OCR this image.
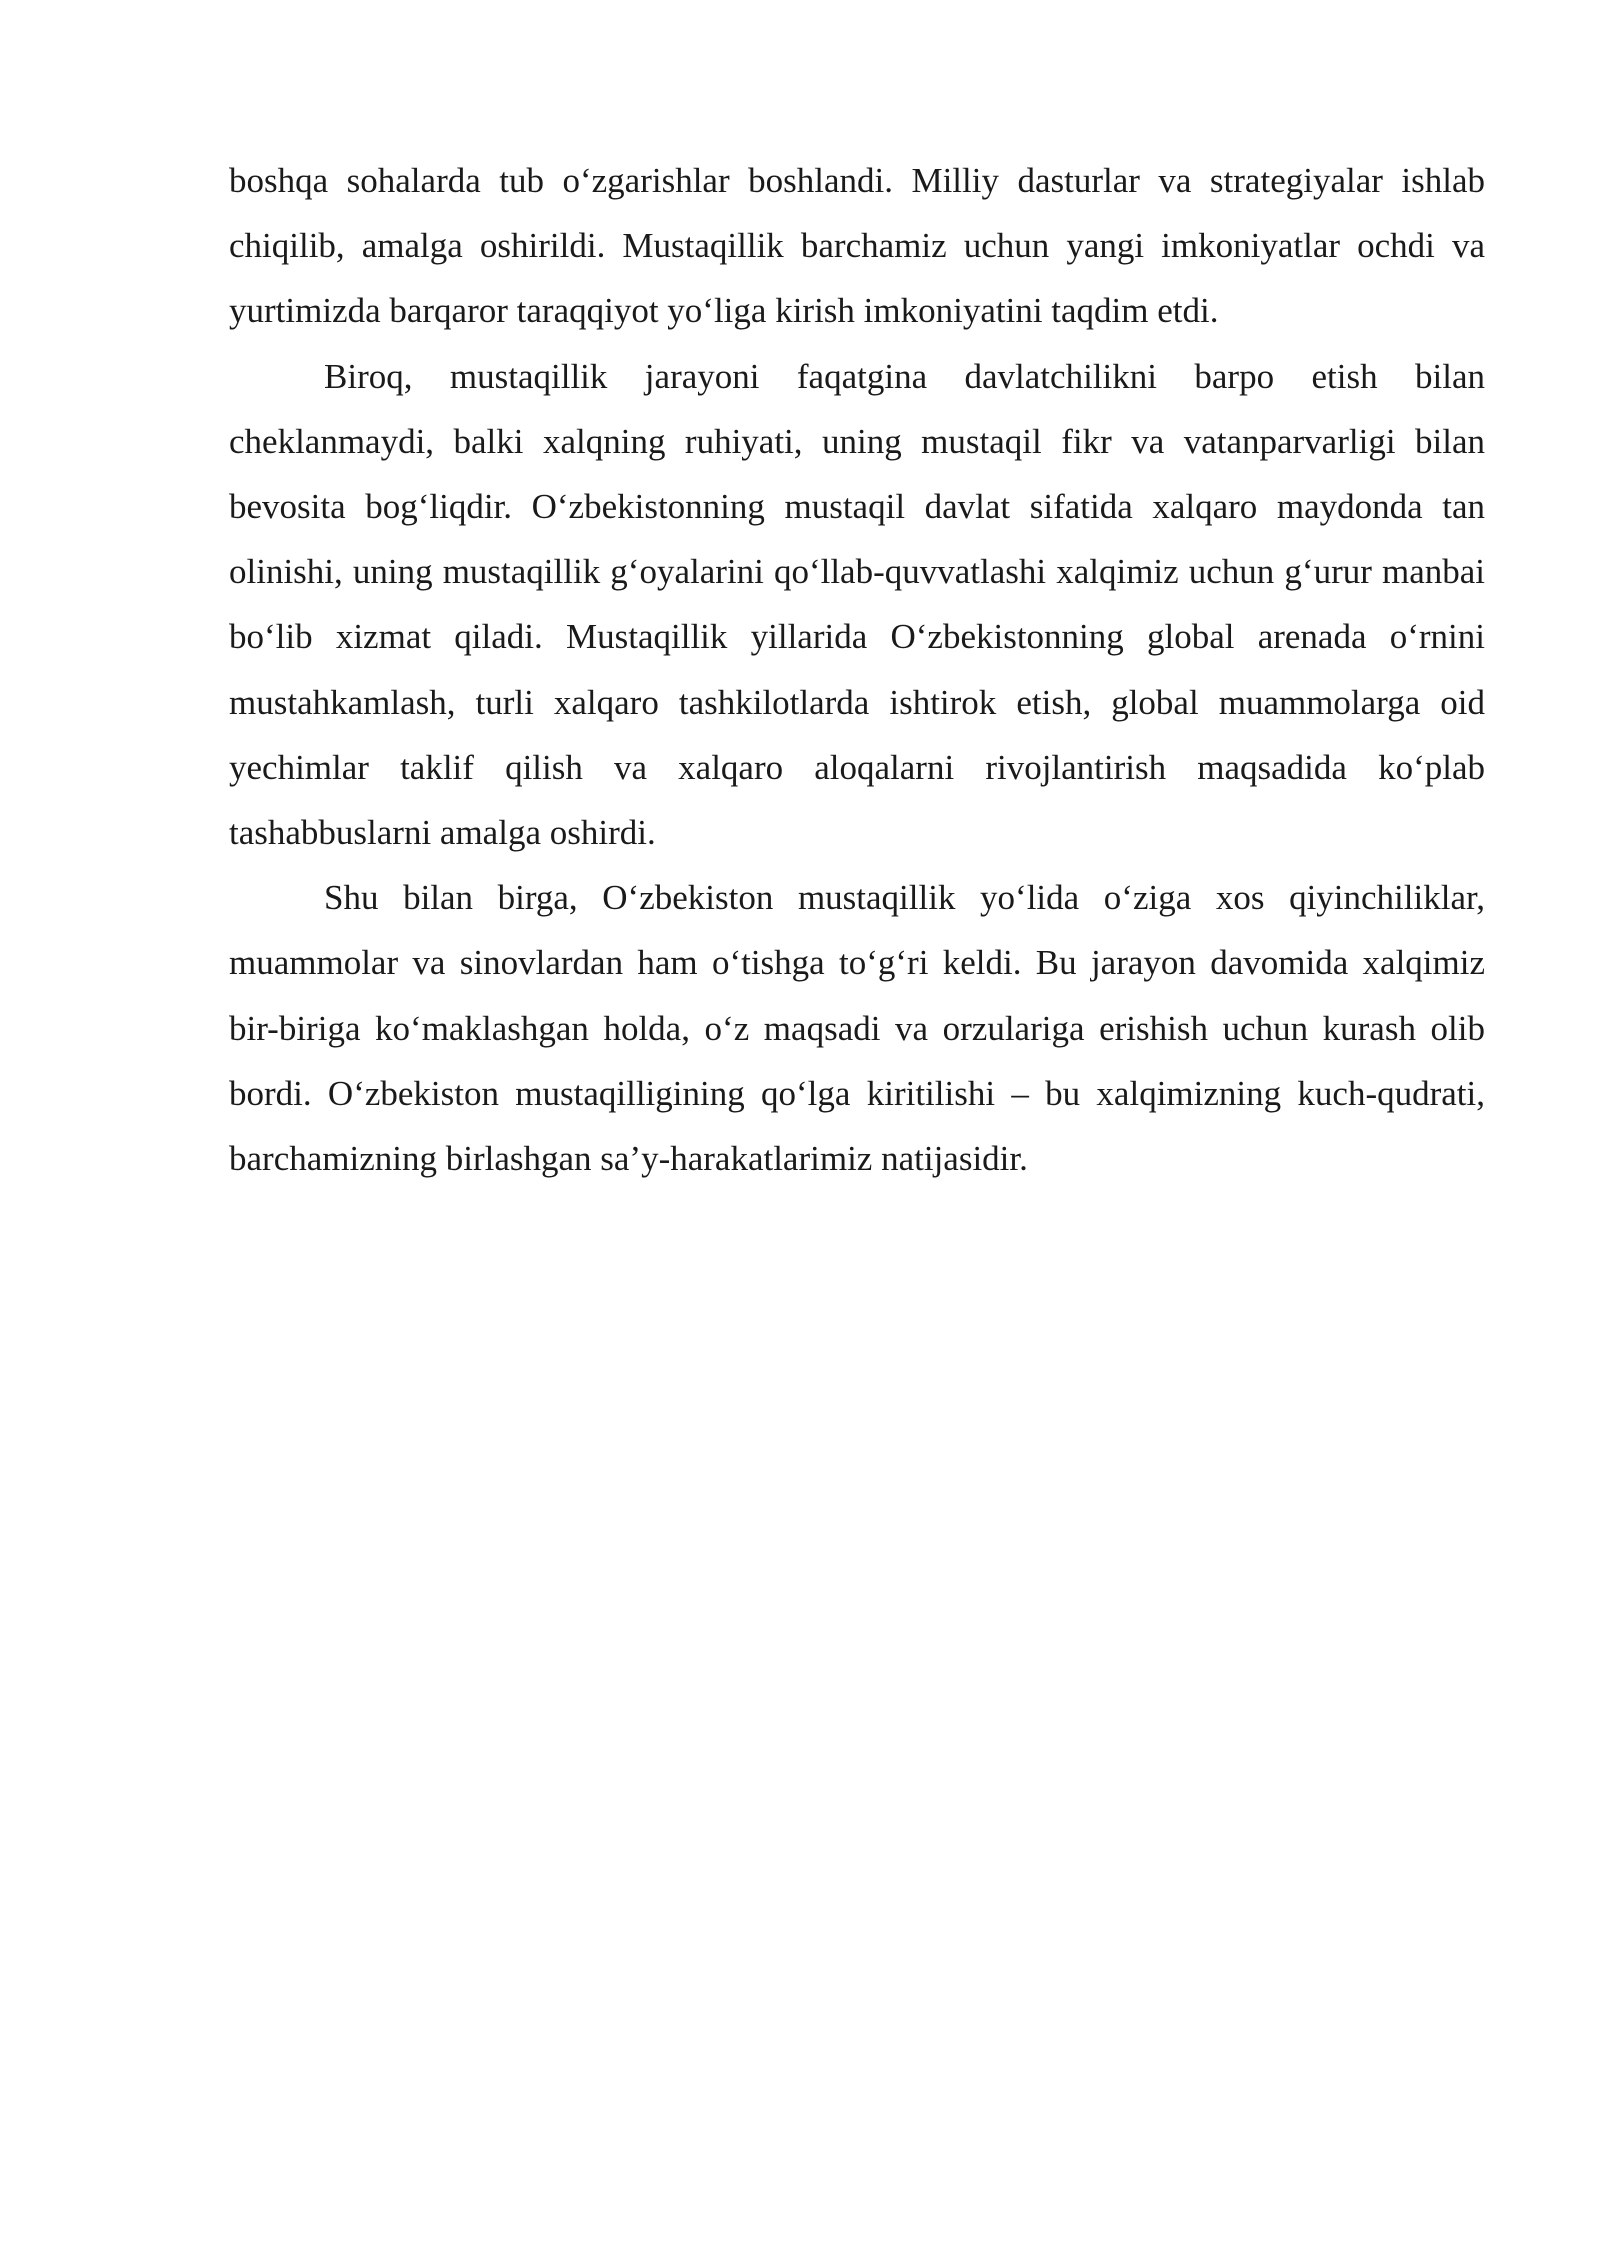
boshqa sohalarda tub o‘zgarishlar boshlandi. Milliy dasturlar va strategiyalar ishlab chiqilib, amalga oshirildi. Mustaqillik barchamiz uchun yangi imkoniyatlar ochdi va yurtimizda barqaror taraqqiyot yo‘liga kirish imkoniyatini taqdim etdi.

Biroq, mustaqillik jarayoni faqatgina davlatchilikni barpo etish bilan cheklanmaydi, balki xalqning ruhiyati, uning mustaqil fikr va vatanparvarligi bilan bevosita bog‘liqdir. O‘zbekistonning mustaqil davlat sifatida xalqaro maydonda tan olinishi, uning mustaqillik g‘oyalarini qo‘llab-quvvatlashi xalqimiz uchun g‘urur manbai bo‘lib xizmat qiladi. Mustaqillik yillarida O‘zbekistonning global arenada o‘rnini mustahkamlash, turli xalqaro tashkilotlarda ishtirok etish, global muammolarga oid yechimlar taklif qilish va xalqaro aloqalarni rivojlantirish maqsadida ko‘plab tashabbuslarni amalga oshirdi.

Shu bilan birga, O‘zbekiston mustaqillik yo‘lida o‘ziga xos qiyinchiliklar, muammolar va sinovlardan ham o‘tishga to‘g‘ri keldi. Bu jarayon davomida xalqimiz bir-biriga ko‘maklashgan holda, o‘z maqsadi va orzulariga erishish uchun kurash olib bordi. O‘zbekiston mustaqilligining qo‘lga kiritilishi – bu xalqimizning kuch-qudrati, barchamizning birlashgan sa’y-harakatlarimiz natijasidir.
